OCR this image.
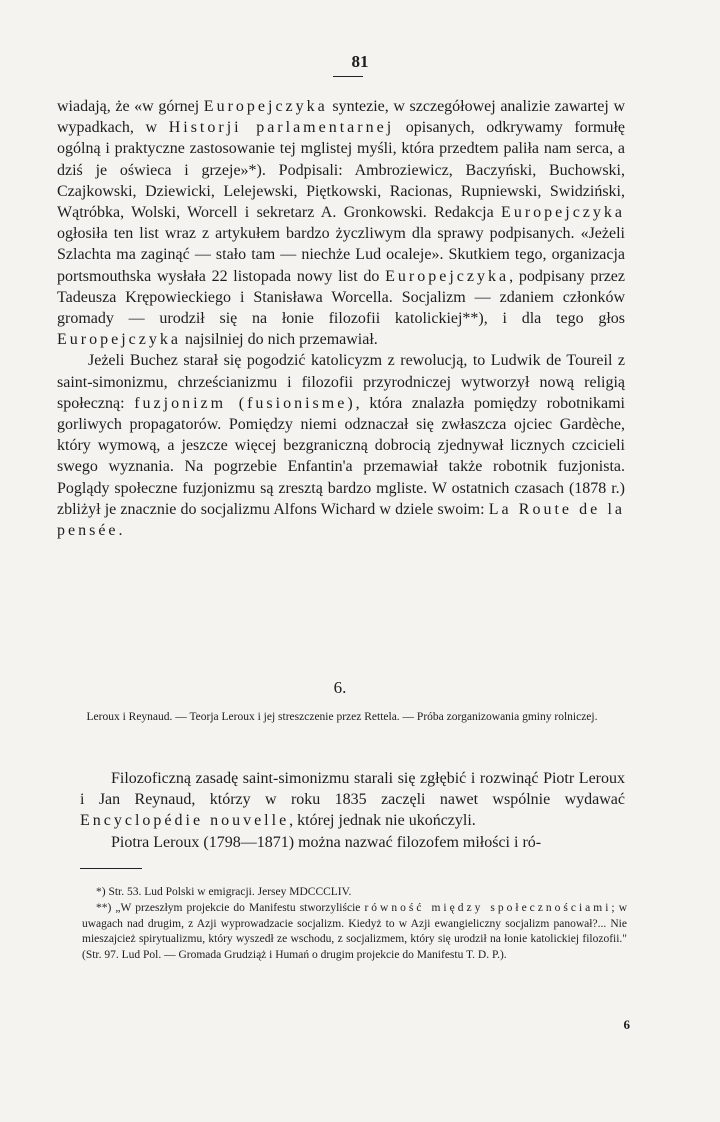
81

wiadają, że «w górnej Europejczyka syntezie, w szczegółowej analizie zawartej w wypadkach, w Historji parlamentarnej opisanych, odkrywamy formułę ogólną i praktyczne zastosowanie tej mglistej myśli, która przedtem paliła nam serca, a dziś je oświeca i grzeje»*). Podpisali: Ambroziewicz, Baczyński, Buchowski, Czajkowski, Dziewicki, Lelejewski, Piętkowski, Racionas, Rupniewski, Swidziński, Wątróbka, Wolski, Worcell i sekretarz A. Gronkowski. Redakcja Europejczyka ogłosiła ten list wraz z artykułem bardzo życzliwym dla sprawy podpisanych. «Jeżeli Szlachta ma zaginąć — stało tam — niechże Lud ocaleje». Skutkiem tego, organizacja portsmouthska wysłała 22 listopada nowy list do Europejczyka, podpisany przez Tadeusza Krępowieckiego i Stanisława Worcella. Socjalizm — zdaniem członków gromady — urodził się na łonie filozofii katolickiej**), i dla tego głos Europejczyka najsilniej do nich przemawiał.

Jeżeli Buchez starał się pogodzić katolicyzm z rewolucją, to Ludwik de Toureil z saint-simonizmu, chrześcianizmu i filozofii przyrodniczej wytworzył nową religią społeczną: fuzjonizm (fusionisme), która znalazła pomiędzy robotnikami gorliwych propagatorów. Pomiędzy niemi odznaczał się zwłaszcza ojciec Gardèche, który wymową, a jeszcze więcej bezgraniczną dobrocią zjednywał licznych czcicieli swego wyznania. Na pogrzebie Enfantin'a przemawiał także robotnik fuzjonista. Poglądy społeczne fuzjonizmu są zresztą bardzo mgliste. W ostatnich czasach (1878 r.) zbliżył je znacznie do socjalizmu Alfons Wichard w dziele swoim: La Route de la pensée.

6.
Leroux i Reynaud. — Teorja Leroux i jej streszczenie przez Rettela. — Próba zorganizowania gminy rolniczej.

Filozoficzną zasadę saint-simonizmu starali się zgłębić i rozwinąć Piotr Leroux i Jan Reynaud, którzy w roku 1835 zaczęli nawet wspólnie wydawać Encyclopédie nouvelle, której jednak nie ukończyli.

Piotra Leroux (1798—1871) można nazwać filozofem miłości i ró-

*) Str. 53. Lud Polski w emigracji. Jersey MDCCCLIV.

**) „W przeszłym projekcie do Manifestu stworzyliście równość między społecznościami; w uwagach nad drugim, z Azji wyprowadzacie socjalizm. Kiedyż to w Azji ewangieliczny socjalizm panował?... Nie mieszajcież spirytualizmu, który wyszedł ze wschodu, z socjalizmem, który się urodził na łonie katolickiej filozofii." (Str. 97. Lud Pol. — Gromada Grudziąż i Humań o drugim projekcie do Manifestu T. D. P.).

6
